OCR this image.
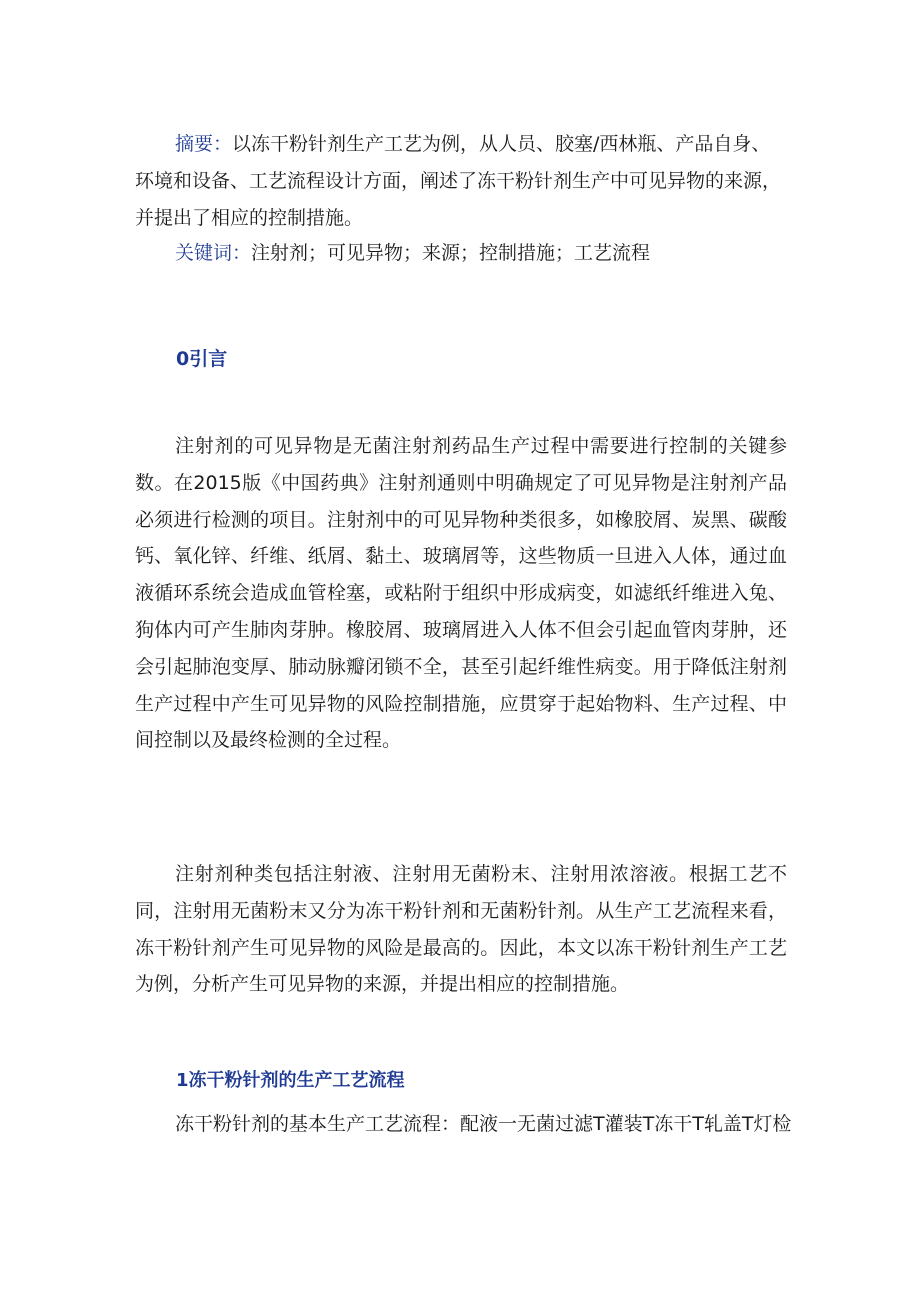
摘要：以冻干粉针剂生产工艺为例，从人员、胶塞/西林瓶、产品自身、环境和设备、工艺流程设计方面，阐述了冻干粉针剂生产中可见异物的来源，并提出了相应的控制措施。

关键词：注射剂；可见异物；来源；控制措施；工艺流程

0引言

注射剂的可见异物是无菌注射剂药品生产过程中需要进行控制的关键参数。在2015版《中国药典》注射剂通则中明确规定了可见异物是注射剂产品必须进行检测的项目。注射剂中的可见异物种类很多，如橡胶屑、炭黑、碳酸钙、氧化锌、纤维、纸屑、黏土、玻璃屑等，这些物质一旦进入人体，通过血液循环系统会造成血管栓塞，或粘附于组织中形成病变，如滤纸纤维进入兔、狗体内可产生肺肉芽肿。橡胶屑、玻璃屑进入人体不但会引起血管肉芽肿，还会引起肺泡变厚、肺动脉瓣闭锁不全，甚至引起纤维性病变。用于降低注射剂生产过程中产生可见异物的风险控制措施，应贯穿于起始物料、生产过程、中间控制以及最终检测的全过程。

注射剂种类包括注射液、注射用无菌粉末、注射用浓溶液。根据工艺不同，注射用无菌粉末又分为冻干粉针剂和无菌粉针剂。从生产工艺流程来看，冻干粉针剂产生可见异物的风险是最高的。因此，本文以冻干粉针剂生产工艺为例，分析产生可见异物的来源，并提出相应的控制措施。

1冻干粉针剂的生产工艺流程

冻干粉针剂的基本生产工艺流程：配液一无菌过滤T灌装T冻干T轧盖T灯检
